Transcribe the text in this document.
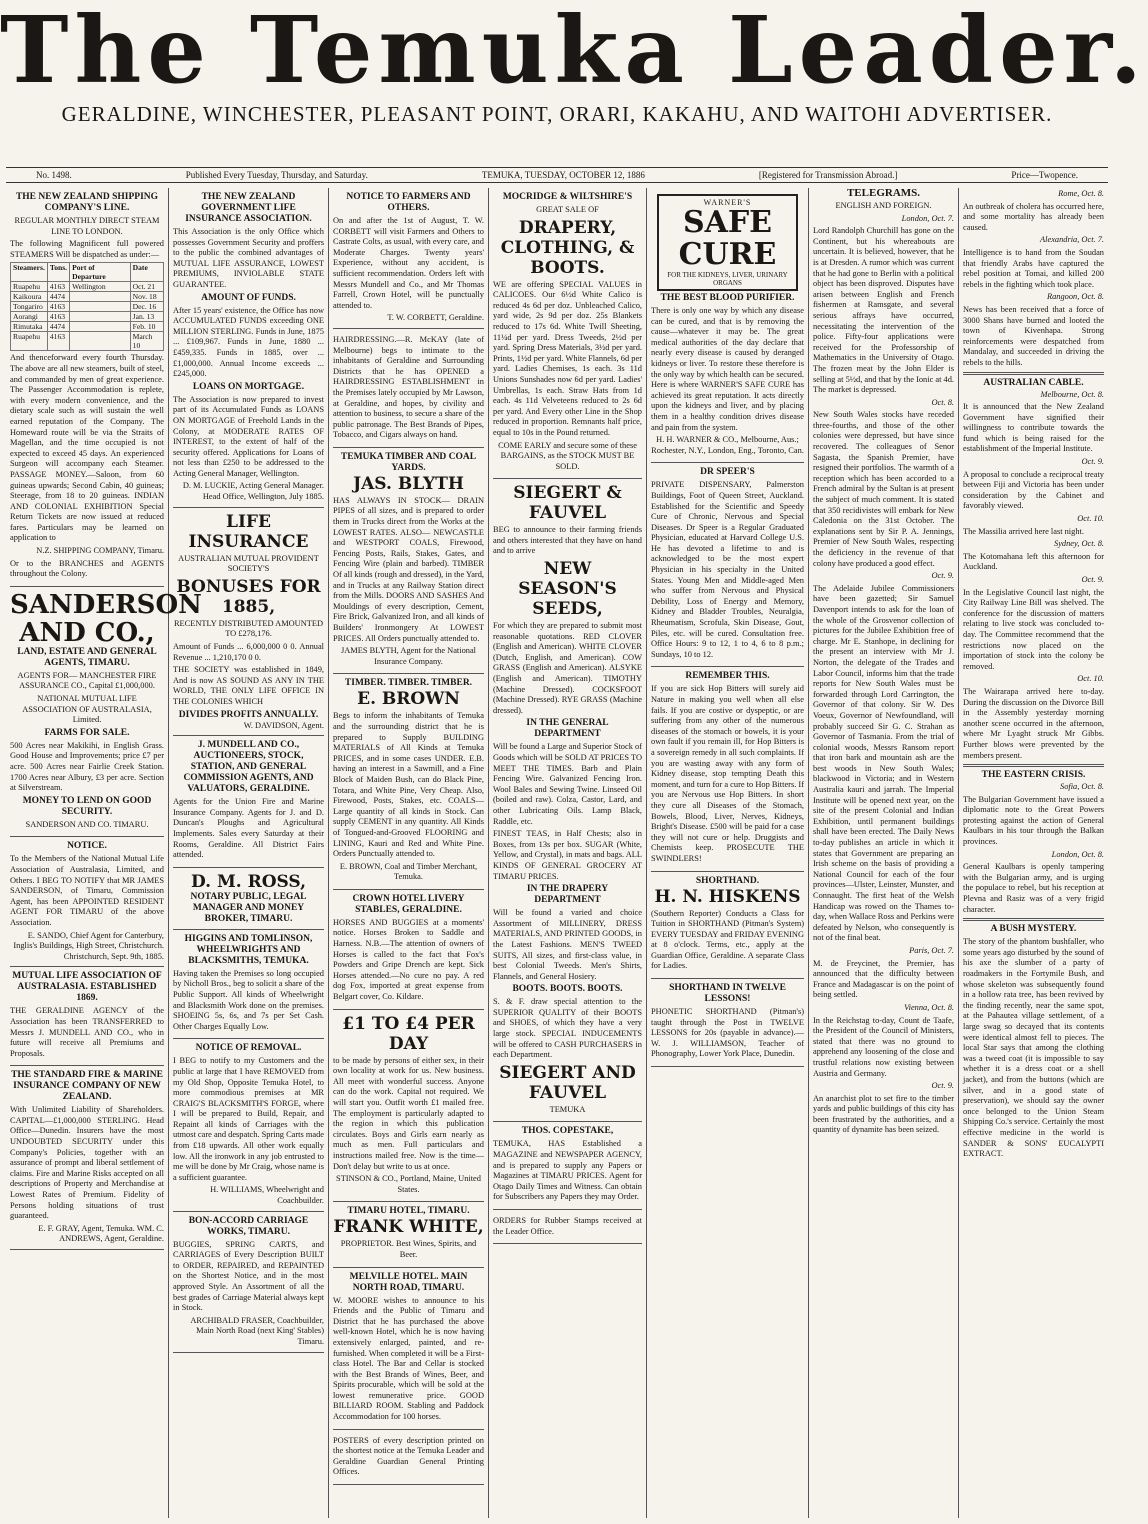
The Temuka Leader.
GERALDINE, WINCHESTER, PLEASANT POINT, ORARI, KAKAHU, AND WAITOHI ADVERTISER.
No. 1498.	Published Every Tuesday, Thursday, and Saturday.	TEMUKA, TUESDAY, OCTOBER 12, 1886	[Registered for Transmission Abroad.]	Price—Twopence.
THE NEW ZEALAND SHIPPING COMPANY'S LINE.
REGULAR MONTHLY DIRECT STEAM LINE TO LONDON.
The following Magnificent full powered STEAMERS Will be dispatched as under:—
Steamers.	Tons.	Port of Departure	Date
Ruapehu	4163	Wellington	Oct. 21
Kaikoura	4474		Nov. 18
Tongariro	4163		Dec. 16
Aorangi	4163		Jan. 13
Rimutaka	4474		Feb. 10
Ruapehu	4163		March 10
And thenceforward every fourth Thursday. The above are all new steamers, built of steel, and commanded by men of great experience. The Passenger Accommodation is replete, with every modern convenience, and the dietary scale such as will sustain the well earned reputation of the Company. The Homeward route will be via the Straits of Magellan, and the time occupied is not expected to exceed 45 days. An experienced Surgeon will accompany each Steamer. PASSAGE MONEY.—Saloon, from 60 guineas upwards; Second Cabin, 40 guineas; Steerage, from 18 to 20 guineas. INDIAN AND COLONIAL EXHIBITION Special Return Tickets are now issued at reduced fares. Particulars may be learned on application to
N.Z. SHIPPING COMPANY, Timaru.
Or to the BRANCHES and AGENTS throughout the Colony.
SANDERSON AND CO.,
LAND, ESTATE AND GENERAL AGENTS, TIMARU.
AGENTS FOR— MANCHESTER FIRE ASSURANCE CO., Capital £1,000,000.
NATIONAL MUTUAL LIFE ASSOCIATION OF AUSTRALASIA, Limited.
FARMS FOR SALE.
500 Acres near Makikihi, in English Grass. Good House and Improvements; price £7 per acre. 500 Acres near Fairlie Creek Station. 1700 Acres near Albury, £3 per acre. Section at Silverstream.
MONEY TO LEND ON GOOD SECURITY.
SANDERSON AND CO. TIMARU.
NOTICE.
To the Members of the National Mutual Life Association of Australasia, Limited, and Others. I BEG TO NOTIFY that MR JAMES SANDERSON, of Timaru, Commission Agent, has been APPOINTED RESIDENT AGENT FOR TIMARU of the above Association.
E. SANDO, Chief Agent for Canterbury, Inglis's Buildings, High Street, Christchurch. Christchurch, Sept. 9th, 1885.
MUTUAL LIFE ASSOCIATION OF AUSTRALASIA. ESTABLISHED 1869.
THE GERALDINE AGENCY of the Association has been TRANSFERRED to Messrs J. MUNDELL AND CO., who in future will receive all Premiums and Proposals.
THE STANDARD FIRE & MARINE INSURANCE COMPANY OF NEW ZEALAND.
With Unlimited Liability of Shareholders. CAPITAL—£1,000,000 STERLING. Head Office—Dunedin. Insurers have the most UNDOUBTED SECURITY under this Company's Policies, together with an assurance of prompt and liberal settlement of claims. Fire and Marine Risks accepted on all descriptions of Property and Merchandise at Lowest Rates of Premium. Fidelity of Persons holding situations of trust guaranteed.
E. F. GRAY, Agent, Temuka. WM. C. ANDREWS, Agent, Geraldine.
THE NEW ZEALAND GOVERNMENT LIFE INSURANCE ASSOCIATION.
This Association is the only Office which possesses Government Security and proffers to the public the combined advantages of MUTUAL LIFE ASSURANCE, LOWEST PREMIUMS, INVIOLABLE STATE GUARANTEE.
AMOUNT OF FUNDS.
After 15 years' existence, the Office has now ACCUMULATED FUNDS exceeding ONE MILLION STERLING. Funds in June, 1875 ... £109,967. Funds in June, 1880 ... £459,335. Funds in 1885, over ... £1,000,000. Annual Income exceeds ... £245,000.
LOANS ON MORTGAGE.
The Association is now prepared to invest part of its Accumulated Funds as LOANS ON MORTGAGE of Freehold Lands in the Colony, at MODERATE RATES OF INTEREST, to the extent of half of the security offered. Applications for Loans of not less than £250 to be addressed to the Acting General Manager, Wellington.
D. M. LUCKIE, Acting General Manager. Head Office, Wellington, July 1885.
LIFE INSURANCE
AUSTRALIAN MUTUAL PROVIDENT SOCIETY'S
BONUSES FOR 1885,
RECENTLY DISTRIBUTED AMOUNTED TO £278,176.
Amount of Funds ... 6,000,000 0 0. Annual Revenue ... 1,210,170 0 0.
THE SOCIETY was established in 1849, And is now AS SOUND AS ANY IN THE WORLD, THE ONLY LIFE OFFICE IN THE COLONIES WHICH
DIVIDES PROFITS ANNUALLY.
W. DAVIDSON, Agent.
J. MUNDELL AND CO., AUCTIONEERS, STOCK, STATION, AND GENERAL COMMISSION AGENTS, AND VALUATORS, GERALDINE.
Agents for the Union Fire and Marine Insurance Company. Agents for J. and D. Duncan's Ploughs and Agricultural Implements. Sales every Saturday at their Rooms, Geraldine. All District Fairs attended.
D. M. ROSS,
NOTARY PUBLIC, LEGAL MANAGER AND MONEY BROKER, TIMARU.
HIGGINS AND TOMLINSON, WHEELWRIGHTS AND BLACKSMITHS, TEMUKA.
Having taken the Premises so long occupied by Nicholl Bros., beg to solicit a share of the Public Support. All kinds of Wheelwright and Blacksmith Work done on the premises. SHOEING 5s, 6s, and 7s per Set Cash. Other Charges Equally Low.
NOTICE OF REMOVAL.
I BEG to notify to my Customers and the public at large that I have REMOVED from my Old Shop, Opposite Temuka Hotel, to more commodious premises at MR CRAIG'S BLACKSMITH'S FORGE, where I will be prepared to Build, Repair, and Repaint all kinds of Carriages with the utmost care and despatch. Spring Carts made from £18 upwards. All other work equally low. All the ironwork in any job entrusted to me will be done by Mr Craig, whose name is a sufficient guarantee.
H. WILLIAMS, Wheelwright and Coachbuilder.
BON-ACCORD CARRIAGE WORKS, TIMARU.
BUGGIES, SPRING CARTS, and CARRIAGES of Every Description BUILT to ORDER, REPAIRED, and REPAINTED on the Shortest Notice, and in the most approved Style. An Assortment of all the best grades of Carriage Material always kept in Stock.
ARCHIBALD FRASER, Coachbuilder, Main North Road (next King' Stables) Timaru.
NOTICE TO FARMERS AND OTHERS.
On and after the 1st of August, T. W. CORBETT will visit Farmers and Others to Castrate Colts, as usual, with every care, and Moderate Charges. Twenty years' Experience, without any accident, is sufficient recommendation. Orders left with Messrs Mundell and Co., and Mr Thomas Farrell, Crown Hotel, will be punctually attended to.
T. W. CORBETT, Geraldine.
HAIRDRESSING.—R. McKAY (late of Melbourne) begs to intimate to the inhabitants of Geraldine and Surrounding Districts that he has OPENED a HAIRDRESSING ESTABLISHMENT in the Premises lately occupied by Mr Lawson, at Geraldine, and hopes, by civility and attention to business, to secure a share of the public patronage. The Best Brands of Pipes, Tobacco, and Cigars always on hand.
TEMUKA TIMBER AND COAL YARDS.
JAS. BLYTH
HAS ALWAYS IN STOCK— DRAIN PIPES of all sizes, and is prepared to order them in Trucks direct from the Works at the LOWEST RATES. ALSO— NEWCASTLE and WESTPORT COALS, Firewood, Fencing Posts, Rails, Stakes, Gates, and Fencing Wire (plain and barbed). TIMBER Of all kinds (rough and dressed), in the Yard, and in Trucks at any Railway Station direct from the Mills. DOORS AND SASHES And Mouldings of every description, Cement, Fire Brick, Galvanized Iron, and all kinds of Builders' Ironmongery At LOWEST PRICES. All Orders punctually attended to.
JAMES BLYTH, Agent for the National Insurance Company.
TIMBER. TIMBER. TIMBER.
E. BROWN
Begs to inform the inhabitants of Temuka and the surrounding district that he is prepared to Supply BUILDING MATERIALS of All Kinds at Temuka PRICES, and in some cases UNDER. E.B. having an interest in a Sawmill, and a Fine Block of Maiden Bush, can do Black Pine, Totara, and White Pine, Very Cheap. Also, Firewood, Posts, Stakes, etc. COALS—Large quantity of all kinds in Stock. Can supply CEMENT in any quantity. All Kinds of Tongued-and-Grooved FLOORING and LINING, Kauri and Red and White Pine. Orders Punctually attended to.
E. BROWN, Coal and Timber Merchant, Temuka.
CROWN HOTEL LIVERY STABLES, GERALDINE.
HORSES AND BUGGIES at a moments' notice. Horses Broken to Saddle and Harness. N.B.—The attention of owners of Horses is called to the fact that Fox's Powders and Gripe Drench are kept. Sick Horses attended.—No cure no pay. A red dog Fox, imported at great expense from Belgart cover, Co. Kildare.
£1 TO £4 PER DAY
to be made by persons of either sex, in their own locality at work for us. New business. All meet with wonderful success. Anyone can do the work. Capital not required. We will start you. Outfit worth £1 mailed free. The employment is particularly adapted to the region in which this publication circulates. Boys and Girls earn nearly as much as men. Full particulars and instructions mailed free. Now is the time—Don't delay but write to us at once.
STINSON & CO., Portland, Maine, United States.
TIMARU HOTEL, TIMARU.
FRANK WHITE,
PROPRIETOR. Best Wines, Spirits, and Beer.
MELVILLE HOTEL. MAIN NORTH ROAD, TIMARU.
W. MOORE wishes to announce to his Friends and the Public of Timaru and District that he has purchased the above well-known Hotel, which he is now having extensively enlarged, painted, and re-furnished. When completed it will be a First-class Hotel. The Bar and Cellar is stocked with the Best Brands of Wines, Beer, and Spirits procurable, which will be sold at the lowest remunerative price. GOOD BILLIARD ROOM. Stabling and Paddock Accommodation for 100 horses.
POSTERS of every description printed on the shortest notice at the Temuka Leader and Geraldine Guardian General Printing Offices.
MOCRIDGE & WILTSHIRE'S
GREAT SALE OF
DRAPERY, CLOTHING, & BOOTS.
WE are offering SPECIAL VALUES in CALICOES. Our 6½d White Calico is reduced 4s 6d per doz. Unbleached Calico, yard wide, 2s 9d per doz. 25s Blankets reduced to 17s 6d. White Twill Sheeting, 11¼d per yard. Dress Tweeds, 2½d per yard. Spring Dress Materials, 3½d per yard. Prints, 1½d per yard. White Flannels, 6d per yard. Ladies Chemises, 1s each. 3s 11d Unions Sunshades now 6d per yard. Ladies' Umbrellas, 1s each. Straw Hats from 1d each. 4s 11d Velveteens reduced to 2s 6d per yard. And Every other Line in the Shop reduced in proportion. Remnants half price, equal to 10s in the Pound returned.
COME EARLY and secure some of these BARGAINS, as the STOCK MUST BE SOLD.
SIEGERT & FAUVEL
BEG to announce to their farming friends and others interested that they have on hand and to arrive
NEW SEASON'S SEEDS,
For which they are prepared to submit most reasonable quotations. RED CLOVER (English and American). WHITE CLOVER (Dutch, English, and American). COW GRASS (English and American). ALSYKE (English and American). TIMOTHY (Machine Dressed). COCKSFOOT (Machine Dressed). RYE GRASS (Machine dressed).
IN THE GENERAL DEPARTMENT
Will be found a Large and Superior Stock of Goods which will be SOLD AT PRICES TO MEET THE TIMES. Barb and Plain Fencing Wire. Galvanized Fencing Iron. Wool Bales and Sewing Twine. Linseed Oil (boiled and raw). Colza, Castor, Lard, and other Lubricating Oils. Lamp Black, Raddle, etc.
FINEST TEAS, in Half Chests; also in Boxes, from 13s per box. SUGAR (White, Yellow, and Crystal), in mats and bags. ALL KINDS OF GENERAL GROCERY AT TIMARU PRICES.
IN THE DRAPERY DEPARTMENT
Will be found a varied and choice Assortment of MILLINERY, DRESS MATERIALS, AND PRINTED GOODS, in the Latest Fashions. MEN'S TWEED SUITS, All sizes, and first-class value, in best Colonial Tweeds. Men's Shirts, Flannels, and General Hosiery.
BOOTS. BOOTS. BOOTS.
S. & F. draw special attention to the SUPERIOR QUALITY of their BOOTS and SHOES, of which they have a very large stock. SPECIAL INDUCEMENTS will be offered to CASH PURCHASERS in each Department.
SIEGERT AND FAUVEL
TEMUKA
THOS. COPESTAKE,
TEMUKA, HAS Established a MAGAZINE and NEWSPAPER AGENCY, and is prepared to supply any Papers or Magazines at TIMARU PRICES. Agent for Otago Daily Times and Witness. Can obtain for Subscribers any Papers they may Order.
ORDERS for Rubber Stamps received at the Leader Office.
WARNER'S
SAFE CURE
FOR THE KIDNEYS, LIVER, URINARY ORGANS
THE BEST BLOOD PURIFIER.
There is only one way by which any disease can be cured, and that is by removing the cause—whatever it may be. The great medical authorities of the day declare that nearly every disease is caused by deranged kidneys or liver. To restore these therefore is the only way by which health can be secured. Here is where WARNER'S SAFE CURE has achieved its great reputation. It acts directly upon the kidneys and liver, and by placing them in a healthy condition drives disease and pain from the system.
H. H. WARNER & CO., Melbourne, Aus.; Rochester, N.Y., London, Eng., Toronto, Can.
DR SPEER'S
PRIVATE DISPENSARY, Palmerston Buildings, Foot of Queen Street, Auckland. Established for the Scientific and Speedy Cure of Chronic, Nervous and Special Diseases. Dr Speer is a Regular Graduated Physician, educated at Harvard College U.S. He has devoted a lifetime to and is acknowledged to be the most expert Physician in his specialty in the United States. Young Men and Middle-aged Men who suffer from Nervous and Physical Debility, Loss of Energy and Memory, Kidney and Bladder Troubles, Neuralgia, Rheumatism, Scrofula, Skin Disease, Gout, Piles, etc. will be cured. Consultation free. Office Hours: 9 to 12, 1 to 4, 6 to 8 p.m.; Sundays, 10 to 12.
REMEMBER THIS.
If you are sick Hop Bitters will surely aid Nature in making you well when all else fails. If you are costive or dyspeptic, or are suffering from any other of the numerous diseases of the stomach or bowels, it is your own fault if you remain ill, for Hop Bitters is a sovereign remedy in all such complaints. If you are wasting away with any form of Kidney disease, stop tempting Death this moment, and turn for a cure to Hop Bitters. If you are Nervous use Hop Bitters. In short they cure all Diseases of the Stomach, Bowels, Blood, Liver, Nerves, Kidneys, Bright's Disease. £500 will be paid for a case they will not cure or help. Druggists and Chemists keep. PROSECUTE THE SWINDLERS!
SHORTHAND.
H. N. HISKENS
(Southern Reporter) Conducts a Class for Tuition in SHORTHAND (Pitman's System) EVERY TUESDAY and FRIDAY EVENING at 8 o'clock. Terms, etc., apply at the Guardian Office, Geraldine. A separate Class for Ladies.
SHORTHAND IN TWELVE LESSONS!
PHONETIC SHORTHAND (Pitman's) taught through the Post in TWELVE LESSONS for 20s (payable in advance).—W. J. WILLIAMSON, Teacher of Phonography, Lower York Place, Dunedin.
TELEGRAMS.
ENGLISH AND FOREIGN.
London, Oct. 7.
Lord Randolph Churchill has gone on the Continent, but his whereabouts are uncertain. It is believed, however, that he is at Dresden. A rumor which was current that he had gone to Berlin with a political object has been disproved. Disputes have arisen between English and French fishermen at Ramsgate, and several serious affrays have occurred, necessitating the intervention of the police. Fifty-four applications were received for the Professorship of Mathematics in the University of Otago. The frozen meat by the John Elder is selling at 5½d, and that by the Ionic at 4d. The market is depressed.
Oct. 8.
New South Wales stocks have receded three-fourths, and those of the other colonies were depressed, but have since recovered. The colleagues of Senor Sagasta, the Spanish Premier, have resigned their portfolios. The warmth of a reception which has been accorded to a French admiral by the Sultan is at present the subject of much comment. It is stated that 350 recidivistes will embark for New Caledonia on the 31st October. The explanations sent by Sir P. A. Jennings, Premier of New South Wales, respecting the deficiency in the revenue of that colony have produced a good effect.
Oct. 9.
The Adelaide Jubilee Commissioners have been gazetted; Sir Samuel Davenport intends to ask for the loan of the whole of the Grosvenor collection of pictures for the Jubilee Exhibition free of charge. Mr E. Stanhope, in declining for the present an interview with Mr J. Norton, the delegate of the Trades and Labor Council, informs him that the trade reports for New South Wales must be forwarded through Lord Carrington, the Governor of that colony. Sir W. Des Voeux, Governor of Newfoundland, will probably succeed Sir G. C. Strahan as Governor of Tasmania. From the trial of colonial woods, Messrs Ransom report that iron bark and mountain ash are the best woods in New South Wales; blackwood in Victoria; and in Western Australia kauri and jarrah. The Imperial Institute will be opened next year, on the site of the present Colonial and Indian Exhibition, until permanent buildings shall have been erected. The Daily News to-day publishes an article in which it states that Government are preparing an Irish scheme on the basis of providing a National Council for each of the four provinces—Ulster, Leinster, Munster, and Connaught. The first heat of the Welsh Handicap was rowed on the Thames to-day, when Wallace Ross and Perkins were defeated by Nelson, who consequently is not of the final beat.
Paris, Oct. 7.
M. de Freycinet, the Premier, has announced that the difficulty between France and Madagascar is on the point of being settled.
Vienna, Oct. 8.
In the Reichstag to-day, Count de Taafe, the President of the Council of Ministers, stated that there was no ground to apprehend any loosening of the close and trustful relations now existing between Austria and Germany.
Oct. 9.
An anarchist plot to set fire to the timber yards and public buildings of this city has been frustrated by the authorities, and a quantity of dynamite has been seized.
Rome, Oct. 8.
An outbreak of cholera has occurred here, and some mortality has already been caused.
Alexandria, Oct. 7.
Intelligence is to hand from the Soudan that friendly Arabs have captured the rebel position at Tomai, and killed 200 rebels in the fighting which took place.
Rangoon, Oct. 8.
News has been received that a force of 3000 Shans have burned and looted the town of Kivenhapa. Strong reinforcements were despatched from Mandalay, and succeeded in driving the rebels to the hills.
AUSTRALIAN CABLE.
Melbourne, Oct. 8.
It is announced that the New Zealand Government have signified their willingness to contribute towards the fund which is being raised for the establishment of the Imperial Institute.
Oct. 9.
A proposal to conclude a reciprocal treaty between Fiji and Victoria has been under consideration by the Cabinet and favorably viewed.
Oct. 10.
The Massilia arrived here last night.
Sydney, Oct. 8.
The Kotomahana left this afternoon for Auckland.
Oct. 9.
In the Legislative Council last night, the City Railway Line Bill was shelved. The conference for the discussion of matters relating to live stock was concluded to-day. The Committee recommend that the restrictions now placed on the importation of stock into the colony be removed.
Oct. 10.
The Wairarapa arrived here to-day. During the discussion on the Divorce Bill in the Assembly yesterday morning another scene occurred in the afternoon, where Mr Lyaght struck Mr Gibbs. Further blows were prevented by the members present.
THE EASTERN CRISIS.
Sofia, Oct. 8.
The Bulgarian Government have issued a diplomatic note to the Great Powers protesting against the action of General Kaulbars in his tour through the Balkan provinces.
London, Oct. 8.
General Kaulbars is openly tampering with the Bulgarian army, and is urging the populace to rebel, but his reception at Plevna and Rasiz was of a very frigid character.
A BUSH MYSTERY.
The story of the phantom bushfaller, who some years ago disturbed by the sound of his axe the slumber of a party of roadmakers in the Fortymile Bush, and whose skeleton was subsequently found in a hollow rata tree, has been revived by the finding recently, near the same spot, at the Pahautea village settlement, of a large swag so decayed that its contents were identical almost fell to pieces. The local Star says that among the clothing was a tweed coat (it is impossible to say whether it is a dress coat or a shell jacket), and from the buttons (which are silver, and in a good state of preservation), we should say the owner once belonged to the Union Steam Shipping Co.'s service. Certainly the most effective medicine in the world is SANDER & SONS' EUCALYPTI EXTRACT.
